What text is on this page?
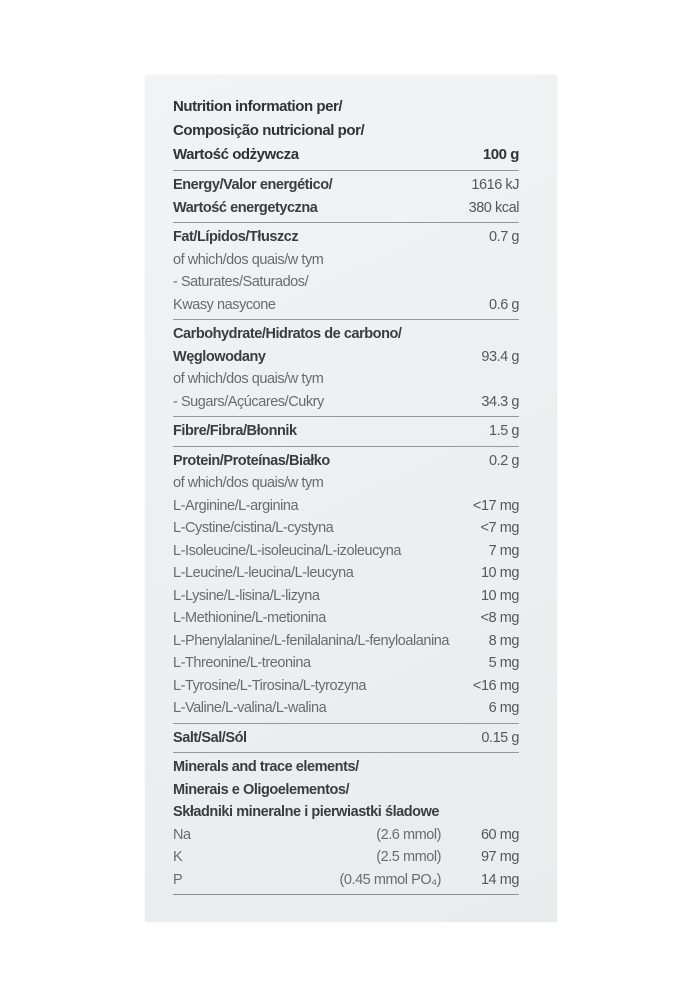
Nutrition information per/
Composição nutricional por/
Wartość odżywcza	100 g
Energy/Valor energético/	1616 kJ
Wartość energetyczna	380 kcal
Fat/Lípidos/Tłuszcz	0.7 g
of which/dos quais/w tym
- Saturates/Saturados/
Kwasy nasycone	0.6 g
Carbohydrate/Hidratos de carbono/
Węglowodany	93.4 g
of which/dos quais/w tym
- Sugars/Açúcares/Cukry	34.3 g
Fibre/Fibra/Błonnik	1.5 g
Protein/Proteínas/Białko	0.2 g
of which/dos quais/w tym
L-Arginine/L-arginina	<17 mg
L-Cystine/cistina/L-cystyna	<7 mg
L-Isoleucine/L-isoleucina/L-izoleucyna	7 mg
L-Leucine/L-leucina/L-leucyna	10 mg
L-Lysine/L-lisina/L-lizyna	10 mg
L-Methionine/L-metionina	<8 mg
L-Phenylalanine/L-fenilalanina/L-fenyloalanina	8 mg
L-Threonine/L-treonina	5 mg
L-Tyrosine/L-Tirosina/L-tyrozyna	<16 mg
L-Valine/L-valina/L-walina	6 mg
Salt/Sal/Sól	0.15 g
Minerals and trace elements/
Minerais e Oligoelementos/
Składniki mineralne i pierwiastki śladowe
Na	(2.6 mmol)	60 mg
K	(2.5 mmol)	97 mg
P	(0.45 mmol PO₄)	14 mg
